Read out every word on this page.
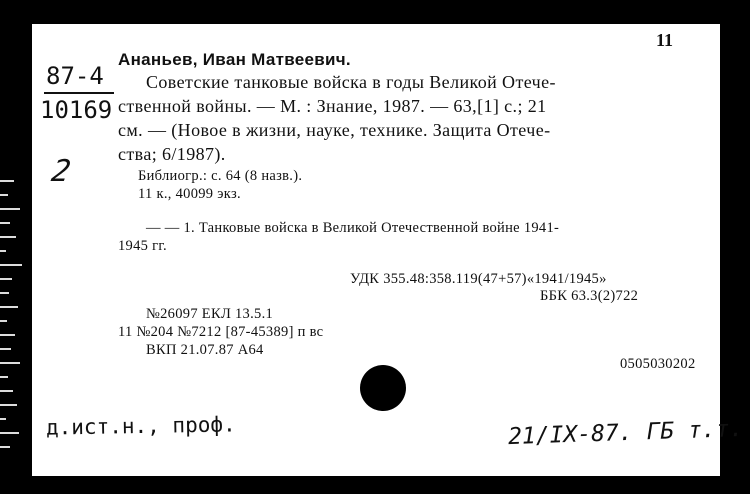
11

87-4
10169
2

Ананьев, Иван Матвеевич.

Советские танковые войска в годы Великой Отече-

ственной войны. — М. : Знание, 1987. — 63,[1] с.; 21

см. — (Новое в жизни, науке, технике. Защита Отече-

ства; 6/1987).

Библиогр.: с. 64 (8 назв.).

11 к., 40099 экз.

— — 1. Танковые войска в Великой Отечественной войне 1941-

1945 гг.

УДК 355.48:358.119(47+57)«1941/1945»

ББК 63.3(2)722

№26097 ЕКЛ 13.5.1

11 №204 №7212 [87-45389] п вс

ВКП 21.07.87 А64

0505030202

д.ист.н., проф.	21/IX-87. ГБ т.т.
